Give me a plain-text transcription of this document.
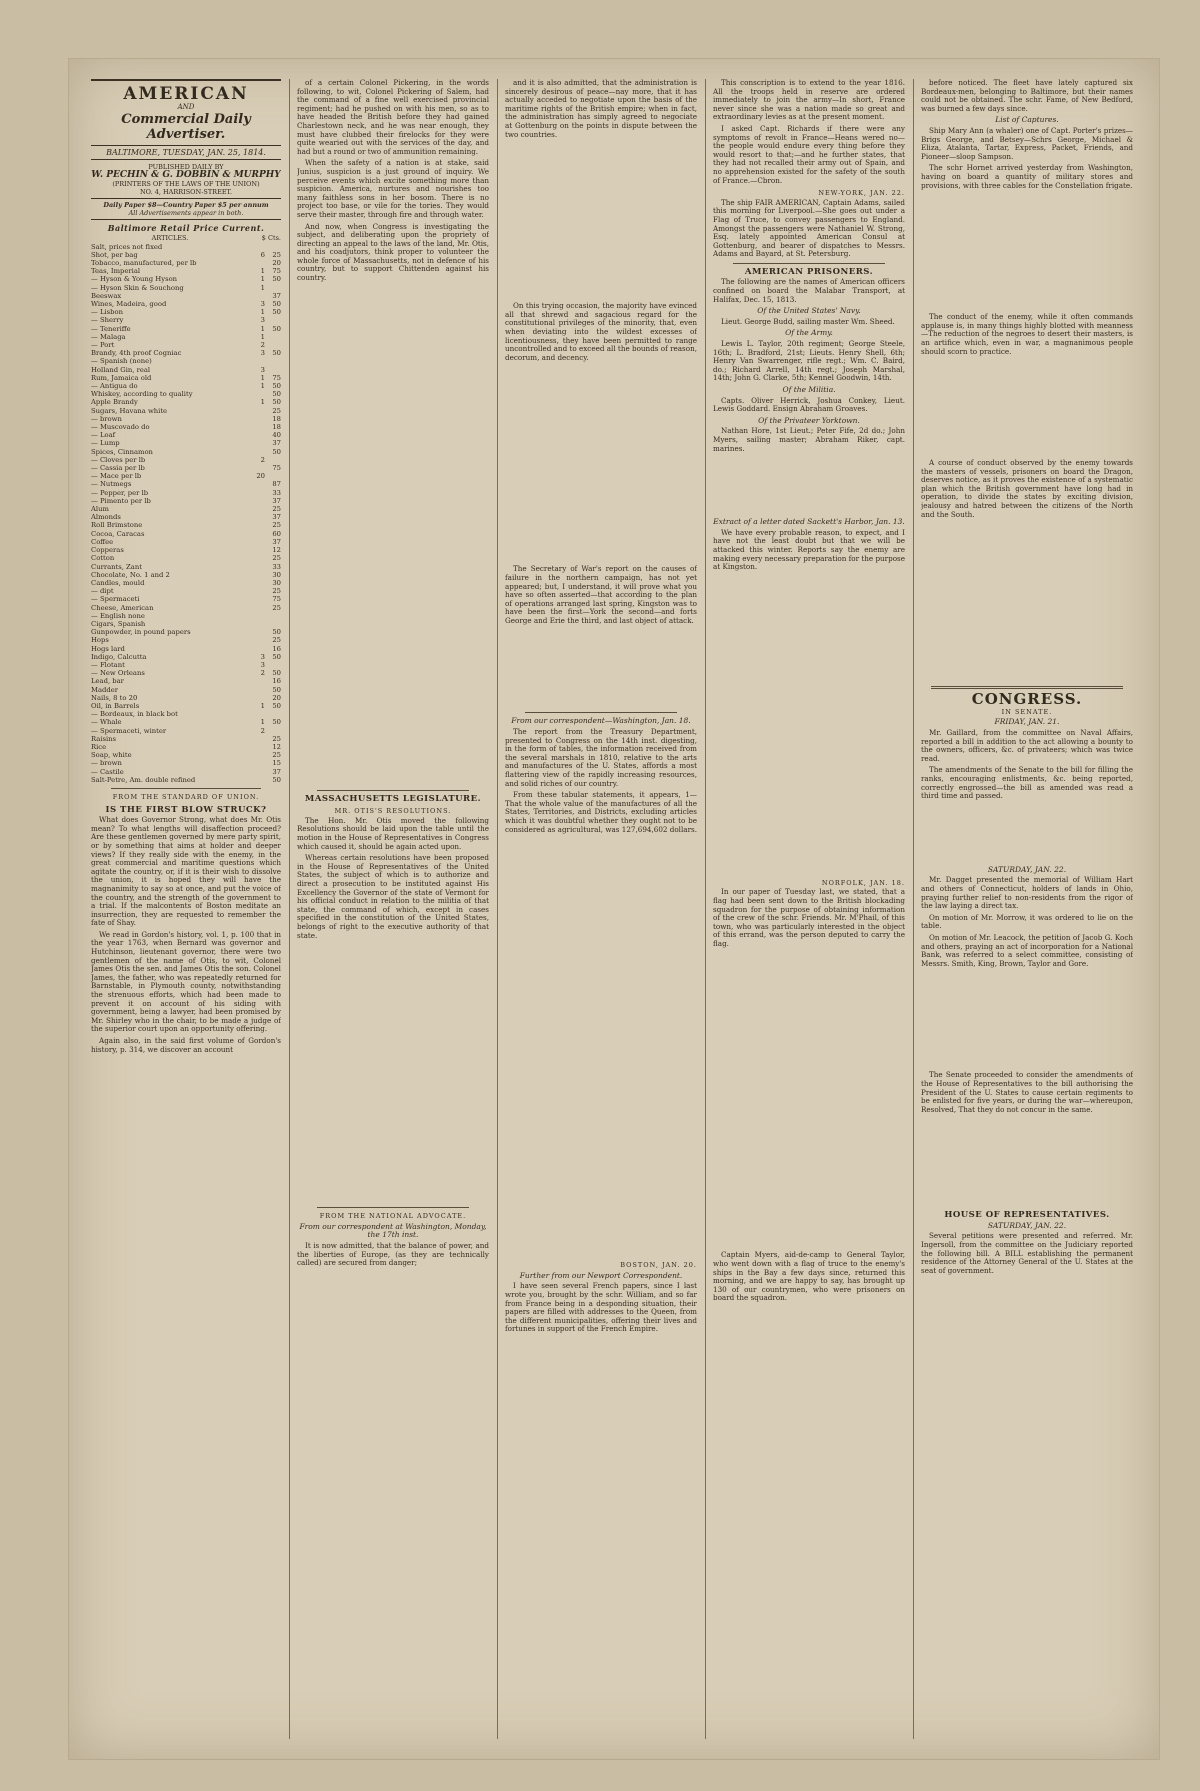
AMERICAN
AND
Commercial Daily Advertiser.
BALTIMORE, TUESDAY, JAN. 25, 1814.
PUBLISHED DAILY BY
W. PECHIN & G. DOBBIN & MURPHY
(PRINTERS OF THE LAWS OF THE UNION)
NO. 4, HARRISON-STREET.
Daily Paper $8—Country Paper $5 per annum
All Advertisements appear in both.
Baltimore Retail Price Current.
ARTICLES.	$ Cts.	
Salt, prices not fixed		
Shot, per bag	6	25
Tobacco, manufactured, per lb		20
Teas, Imperial	1	75
— Hyson & Young Hyson	1	50
— Hyson Skin & Souchong	1	
Beeswax		37
Wines, Madeira, good	3	50
— Lisbon	1	50
— Sherry	3	
— Teneriffe	1	50
— Malaga	1	
— Port	2	
Brandy, 4th proof Cogniac	3	50
— Spanish (none)		
Holland Gin, real	3	
Rum, Jamaica old	1	75
— Antigua do	1	50
Whiskey, according to quality		50
Apple Brandy	1	50
Sugars, Havana white		25
— brown		18
— Muscovado do		18
— Loaf		40
— Lump		37
Spices, Cinnamon		50
— Cloves per lb	2	
— Cassia per lb		75
— Mace per lb	20	
— Nutmegs		87
— Pepper, per lb		33
— Pimento per lb		37
Alum		25
Almonds		37
Roll Brimstone		25
Cocoa, Caracas		60
Coffee		37
Copperas		12
Cotton		25
Currants, Zant		33
Chocolate, No. 1 and 2		30
Candles, mould		30
— dipt		25
— Spermaceti		75
Cheese, American		25
— English none		
Cigars, Spanish		
Gunpowder, in pound papers		50
Hops		25
Hogs lard		16
Indigo, Calcutta	3	50
— Flotant	3	
— New Orleans	2	50
Lead, bar		16
Madder		50
Nails, 8 to 20		20
Oil, in Barrels	1	50
— Bordeaux, in black bot		
— Whale	1	50
— Spermaceti, winter	2	
Raisins		25
Rice		12
Soap, white		25
— brown		15
— Castile		37
Salt-Petre, Am. double refined		50
FROM THE STANDARD OF UNION.
IS THE FIRST BLOW STRUCK?

What does Governor Strong, what does Mr. Otis mean? To what lengths will disaffection proceed? Are these gentlemen governed by mere party spirit, or by something that aims at holder and deeper views? If they really side with the enemy, in the great commercial and maritime questions which agitate the country, or, if it is their wish to dissolve the union, it is hoped they will have the magnanimity to say so at once, and put the voice of the country, and the strength of the government to a trial. If the malcontents of Boston meditate an insurrection, they are requested to remember the fate of Shay.

We read in Gordon's history, vol. 1, p. 100 that in the year 1763, when Bernard was governor and Hutchinson, lieutenant governor, there were two gentlemen of the name of Otis, to wit, Colonel James Otis the sen. and James Otis the son. Colonel James, the father, who was repeatedly returned for Barnstable, in Plymouth county, notwithstanding the strenuous efforts, which had been made to prevent it on account of his siding with government, being a lawyer, had been promised by Mr. Shirley who in the chair, to be made a judge of the superior court upon an opportunity offering.

Again also, in the said first volume of Gordon's history, p. 314, we discover an account

of a certain Colonel Pickering, in the words following, to wit, Colonel Pickering of Salem, had the command of a fine well exercised provincial regiment; had he pushed on with his men, so as to have headed the British before they had gained Charlestown neck, and he was near enough, they must have clubbed their firelocks for they were quite wearied out with the services of the day, and had but a round or two of ammunition remaining.

When the safety of a nation is at stake, said Junius, suspicion is a just ground of inquiry. We perceive events which excite something more than suspicion. America, nurtures and nourishes too many faithless sons in her bosom. There is no project too base, or vile for the tories. They would serve their master, through fire and through water.

And now, when Congress is investigating the subject, and deliberating upon the propriety of directing an appeal to the laws of the land, Mr. Otis, and his coadjutors, think proper to volunteer the whole force of Massachusetts, not in defence of his country, but to support Chittenden against his country.

MASSACHUSETTS LEGISLATURE.
MR. OTIS'S RESOLUTIONS.

The Hon. Mr. Otis moved the following Resolutions should be laid upon the table until the motion in the House of Representatives in Congress which caused it, should be again acted upon.

Whereas certain resolutions have been proposed in the House of Representatives of the United States, the subject of which is to authorize and direct a prosecution to be instituted against His Excellency the Governor of the state of Vermont for his official conduct in relation to the militia of that state, the command of which, except in cases specified in the constitution of the United States, belongs of right to the executive authority of that state.

FROM THE NATIONAL ADVOCATE.
From our correspondent at Washington, Monday, the 17th inst.

It is now admitted, that the balance of power, and the liberties of Europe, (as they are technically called) are secured from danger;

and it is also admitted, that the administration is sincerely desirous of peace—nay more, that it has actually acceded to negotiate upon the basis of the maritime rights of the British empire; when in fact, the administration has simply agreed to negociate at Gottenburg on the points in dispute between the two countries.

On this trying occasion, the majority have evinced all that shrewd and sagacious regard for the constitutional privileges of the minority, that, even when deviating into the wildest excesses of licentiousness, they have been permitted to range uncontrolled and to exceed all the bounds of reason, decorum, and decency.

The Secretary of War's report on the causes of failure in the northern campaign, has not yet appeared; but, I understand, it will prove what you have so often asserted—that according to the plan of operations arranged last spring, Kingston was to have been the first—York the second—and forts George and Erie the third, and last object of attack.

From our correspondent—Washington, Jan. 18.

The report from the Treasury Department, presented to Congress on the 14th inst. digesting, in the form of tables, the information received from the several marshals in 1810, relative to the arts and manufactures of the U. States, affords a most flattering view of the rapidly increasing resources, and solid riches of our country.

From these tabular statements, it appears, 1—That the whole value of the manufactures of all the States, Territories, and Districts, excluding articles which it was doubtful whether they ought not to be considered as agricultural, was 127,694,602 dollars.

BOSTON, JAN. 20.
Further from our Newport Correspondent.

I have seen several French papers, since I last wrote you, brought by the schr. William, and so far from France being in a desponding situation, their papers are filled with addresses to the Queen, from the different municipalities, offering their lives and fortunes in support of the French Empire.

This conscription is to extend to the year 1816. All the troops held in reserve are ordered immediately to join the army—In short, France never since she was a nation made so great and extraordinary levies as at the present moment.

I asked Capt. Richards if there were any symptoms of revolt in France—Heans wered no—the people would endure every thing before they would resort to that;—and he further states, that they had not recalled their army out of Spain, and no apprehension existed for the safety of the south of France.—Cbron.

NEW-YORK, JAN. 22.

The ship FAIR AMERICAN, Captain Adams, sailed this morning for Liverpool.—She goes out under a Flag of Truce, to convey passengers to England. Amongst the passengers were Nathaniel W. Strong, Esq. lately appointed American Consul at Gottenburg, and bearer of dispatches to Messrs. Adams and Bayard, at St. Petersburg.

AMERICAN PRISONERS.

The following are the names of American officers confined on board the Malabar Transport, at Halifax, Dec. 15, 1813.

Of the United States' Navy.

Lieut. George Budd, sailing master Wm. Sheed.

Of the Army.

Lewis L. Taylor, 20th regiment; George Steele, 16th; L. Bradford, 21st; Lieuts. Henry Shell, 6th; Henry Van Swarrenger, rifle regt.; Wm. C. Baird, do.; Richard Arrell, 14th regt.; Joseph Marshal, 14th; John G. Clarke, 5th; Kennel Goodwin, 14th.

Of the Militia.

Capts. Oliver Herrick, Joshua Conkey, Lieut. Lewis Goddard. Ensign Abraham Groaves.

Of the Privateer Yorktown.

Nathan Hore, 1st Lieut.; Peter Fife, 2d do.; John Myers, sailing master; Abraham Riker, capt. marines.

Extract of a letter dated Sackett's Harbor, Jan. 13.

We have every probable reason, to expect, and I have not the least doubt but that we will be attacked this winter. Reports say the enemy are making every necessary preparation for the purpose at Kingston.

NORFOLK, JAN. 18.

In our paper of Tuesday last, we stated, that a flag had been sent down to the British blockading squadron for the purpose of obtaining information of the crew of the schr. Friends. Mr. M'Phail, of this town, who was particularly interested in the object of this errand, was the person deputed to carry the flag.

Captain Myers, aid-de-camp to General Taylor, who went down with a flag of truce to the enemy's ships in the Bay a few days since, returned this morning, and we are happy to say, has brought up 130 of our countrymen, who were prisoners on board the squadron.

before noticed. The fleet have lately captured six Bordeaux-men, belonging to Baltimore, but their names could not be obtained. The schr. Fame, of New Bedford, was burned a few days since.

List of Captures.

Ship Mary Ann (a whaler) one of Capt. Porter's prizes—Brigs George, and Betsey—Schrs George, Michael & Eliza, Atalanta, Tartar, Express, Packet, Friends, and Pioneer—sloop Sampson.

The schr Hornet arrived yesterday from Washington, having on board a quantity of military stores and provisions, with three cables for the Constellation frigate.

The conduct of the enemy, while it often commands applause is, in many things highly blotted with meanness—The reduction of the negroes to desert their masters, is an artifice which, even in war, a magnanimous people should scorn to practice.

A course of conduct observed by the enemy towards the masters of vessels, prisoners on board the Dragon, deserves notice, as it proves the existence of a systematic plan which the British government have long had in operation, to divide the states by exciting division, jealousy and hatred between the citizens of the North and the South.

CONGRESS.
IN SENATE.
FRIDAY, JAN. 21.

Mr. Gaillard, from the committee on Naval Affairs, reported a bill in addition to the act allowing a bounty to the owners, officers, &c. of privateers; which was twice read.

The amendments of the Senate to the bill for filling the ranks, encouraging enlistments, &c. being reported, correctly engrossed—the bill as amended was read a third time and passed.

SATURDAY, JAN. 22.

Mr. Dagget presented the memorial of William Hart and others of Connecticut, holders of lands in Ohio, praying further relief to non-residents from the rigor of the law laying a direct tax.

On motion of Mr. Morrow, it was ordered to lie on the table.

On motion of Mr. Leacock, the petition of Jacob G. Koch and others, praying an act of incorporation for a National Bank, was referred to a select committee, consisting of Messrs. Smith, King, Brown, Taylor and Gore.

The Senate proceeded to consider the amendments of the House of Representatives to the bill authorising the President of the U. States to cause certain regiments to be enlisted for five years, or during the war—whereupon, Resolved, That they do not concur in the same.

HOUSE OF REPRESENTATIVES.
SATURDAY, JAN. 22.

Several petitions were presented and referred. Mr. Ingersoll, from the committee on the Judiciary reported the following bill. A BILL establishing the permanent residence of the Attorney General of the U. States at the seat of government.
